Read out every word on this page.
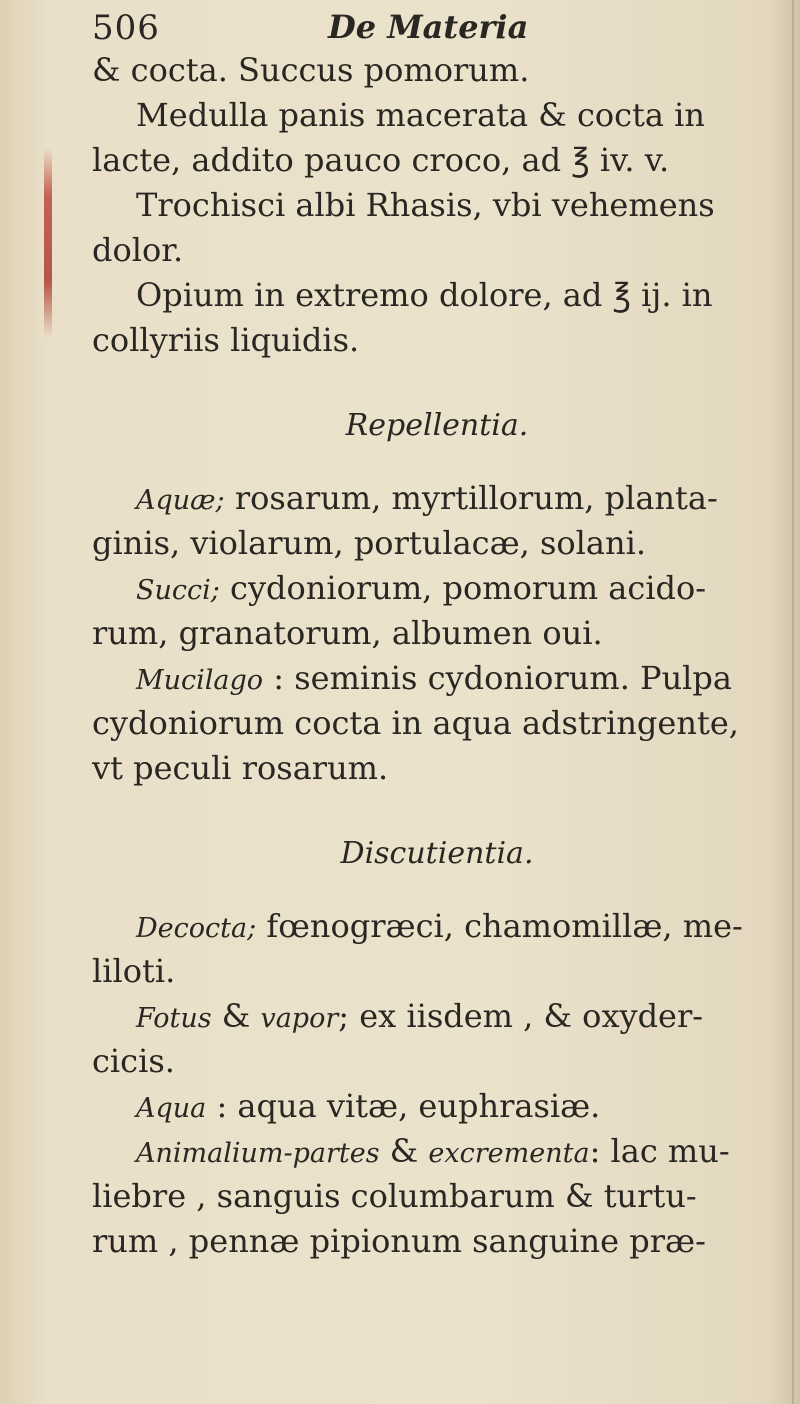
506	De Materia
& cocta. Succus pomorum.
Medulla panis macerata & cocta in
lacte, addito pauco croco, ad ℥ iv. v.
Trochisci albi Rhasis, vbi vehemens
dolor.
Opium in extremo dolore, ad ℥ ij. in
collyriis liquidis.
Repellentia.
Aquæ; rosarum, myrtillorum, planta-
ginis, violarum, portulacæ, solani.
Succi; cydoniorum, pomorum acido-
rum, granatorum, albumen oui.
Mucilago : seminis cydoniorum. Pulpa
cydoniorum cocta in aqua adstringente,
vt peculi rosarum.
Discutientia.
Decocta; fœnogræci, chamomillæ, me-
liloti.
Fotus & vapor; ex iisdem , & oxyder-
cicis.
Aqua : aqua vitæ, euphrasiæ.
Animalium-partes & excrementa: lac mu-
liebre , sanguis columbarum & turtu-
rum , pennæ pipionum sanguine præ-
